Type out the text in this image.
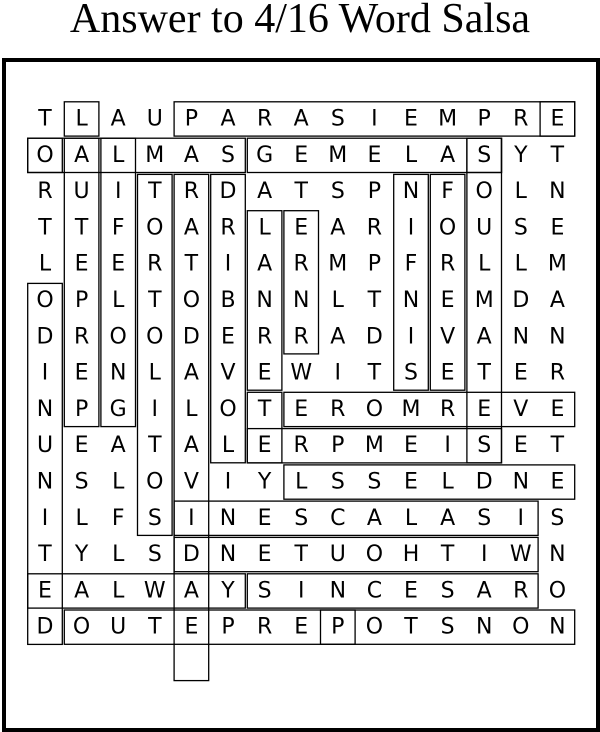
Answer to 4/16 Word Salsa
T L A U P A R A S I E M P R E
O A L M A S G E M E L A S Y T
R U I T R D A T S P N F O L N
T T F O A R L E A R I O U S E
L E E R T I A R M P F R L L M
O P L T O B N N L T N E M D A
D R O O D E R R A D I V A N N
I E N L A V E W I T S E T E R
N P G I L O T E R O M R E V E
U E A T A L E R P M E I S E T
N S L O V I Y L S S E L D N E
I L F S I N E S C A L A S I S
T Y L S D N E T U O H T I W N
E A L W A Y S I N C E S A R O
D O U T E P R E P O T S N O N
